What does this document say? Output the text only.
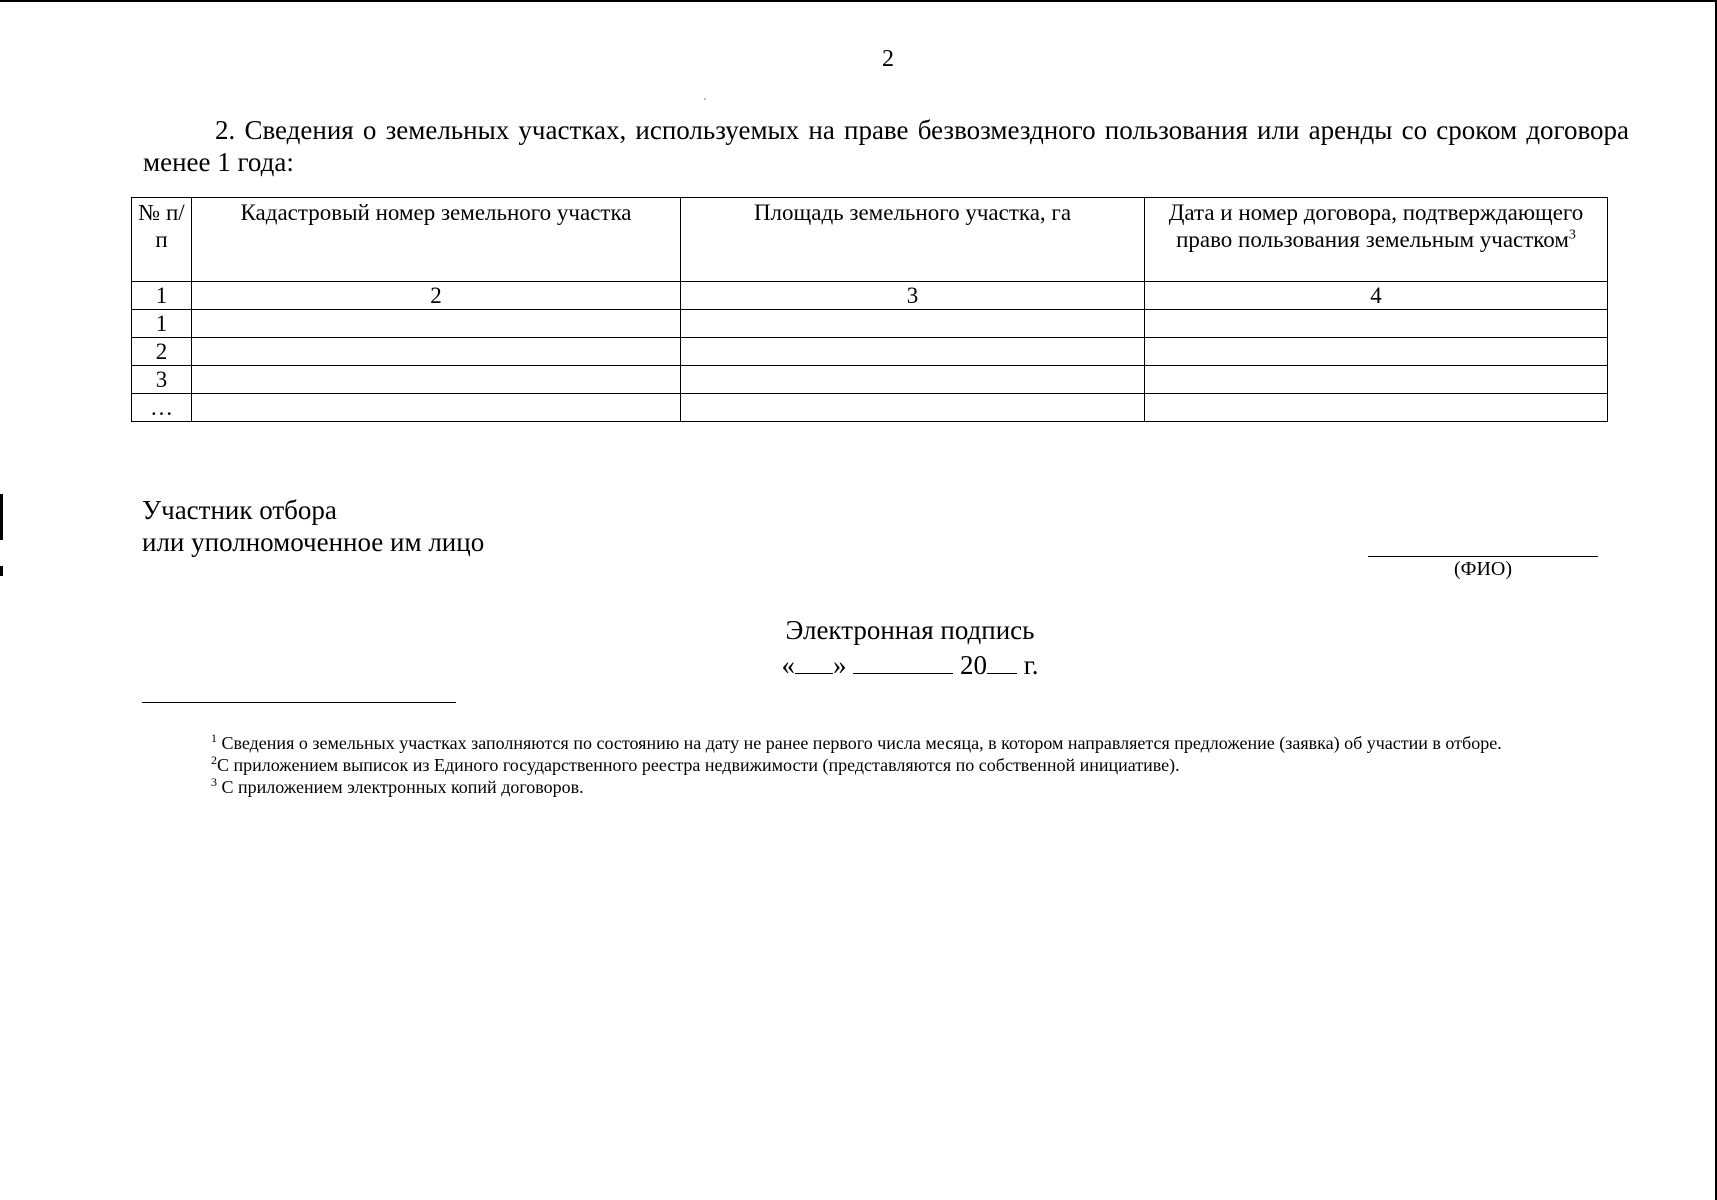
2

2. Сведения о земельных участках, используемых на праве безвозмездного пользования или аренды со сроком договора менее 1 года:

№ п/п	Кадастровый номер земельного участка	Площадь земельного участка, га	Дата и номер договора, подтверждающего право пользования земельным участком$^3$
1	2	3	4
1			
2			
3			
…			
Участник отбора
или уполномоченное им лицо
(ФИО)
Электронная подпись
« »	20 г.

$^1$ Сведения о земельных участках заполняются по состоянию на дату не ранее первого числа месяца, в котором направляется предложение (заявка) об участии в отборе.

$^2$С приложением выписок из Единого государственного реестра недвижимости (представляются по собственной инициативе).

$^3$ С приложением электронных копий договоров.
